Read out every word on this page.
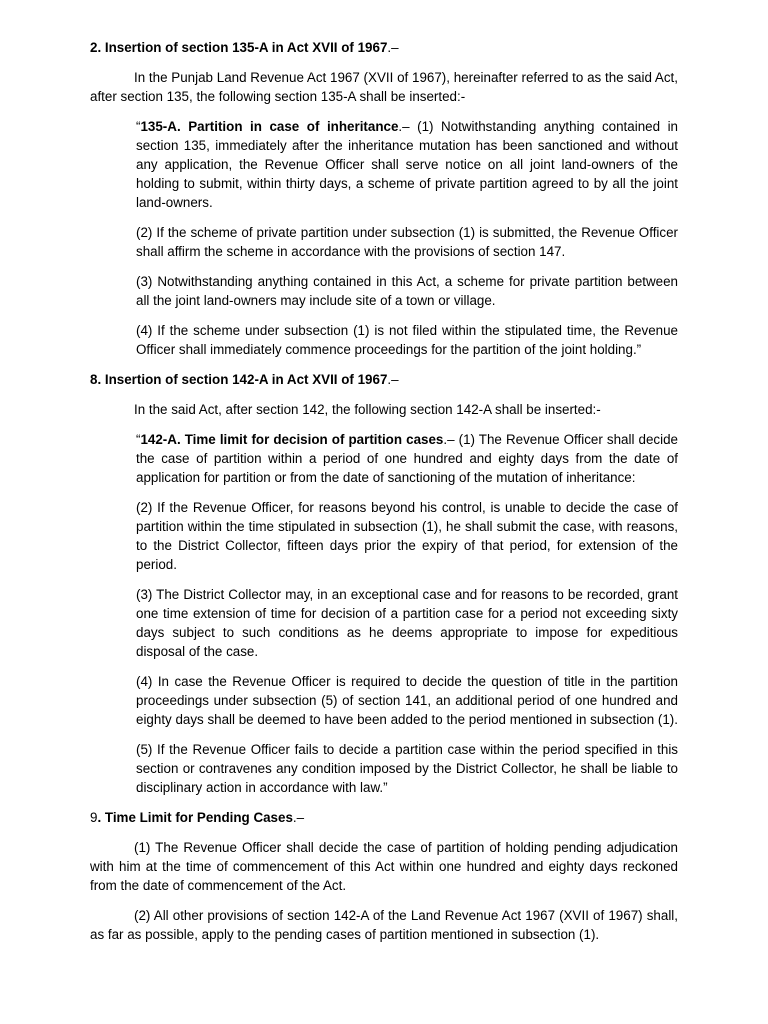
2. Insertion of section 135-A in Act XVII of 1967.–
In the Punjab Land Revenue Act 1967 (XVII of 1967), hereinafter referred to as the said Act, after section 135, the following section 135-A shall be inserted:-
“135-A. Partition in case of inheritance.– (1) Notwithstanding anything contained in section 135, immediately after the inheritance mutation has been sanctioned and without any application, the Revenue Officer shall serve notice on all joint land-owners of the holding to submit, within thirty days, a scheme of private partition agreed to by all the joint land-owners.
(2) If the scheme of private partition under subsection (1) is submitted, the Revenue Officer shall affirm the scheme in accordance with the provisions of section 147.
(3) Notwithstanding anything contained in this Act, a scheme for private partition between all the joint land-owners may include site of a town or village.
(4) If the scheme under subsection (1) is not filed within the stipulated time, the Revenue Officer shall immediately commence proceedings for the partition of the joint holding.”
8. Insertion of section 142-A in Act XVII of 1967.–
In the said Act, after section 142, the following section 142-A shall be inserted:-
“142-A. Time limit for decision of partition cases.– (1) The Revenue Officer shall decide the case of partition within a period of one hundred and eighty days from the date of application for partition or from the date of sanctioning of the mutation of inheritance:
(2) If the Revenue Officer, for reasons beyond his control, is unable to decide the case of partition within the time stipulated in subsection (1), he shall submit the case, with reasons, to the District Collector, fifteen days prior the expiry of that period, for extension of the period.
(3) The District Collector may, in an exceptional case and for reasons to be recorded, grant one time extension of time for decision of a partition case for a period not exceeding sixty days subject to such conditions as he deems appropriate to impose for expeditious disposal of the case.
(4) In case the Revenue Officer is required to decide the question of title in the partition proceedings under subsection (5) of section 141, an additional period of one hundred and eighty days shall be deemed to have been added to the period mentioned in subsection (1).
(5) If the Revenue Officer fails to decide a partition case within the period specified in this section or contravenes any condition imposed by the District Collector, he shall be liable to disciplinary action in accordance with law.”
9. Time Limit for Pending Cases.–
(1) The Revenue Officer shall decide the case of partition of holding pending adjudication with him at the time of commencement of this Act within one hundred and eighty days reckoned from the date of commencement of the Act.
(2) All other provisions of section 142-A of the Land Revenue Act 1967 (XVII of 1967) shall, as far as possible, apply to the pending cases of partition mentioned in subsection (1).
